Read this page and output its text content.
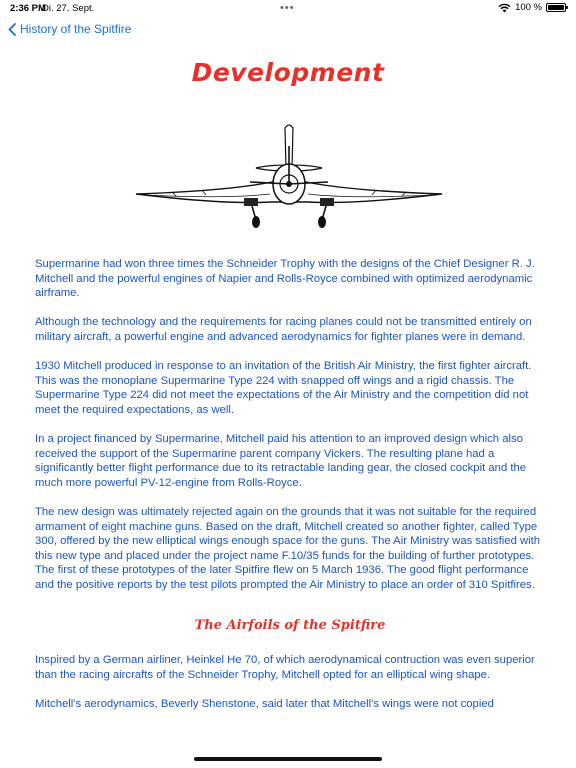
2:36 PM
Di. 27. Sept.	•••	100 %
History of the Spitfire
Development

Supermarine had won three times the Schneider Trophy with the designs of the Chief Designer R. J. Mitchell and the powerful engines of Napier and Rolls-Royce combined with optimized aerodynamic airframe.

Although the technology and the requirements for racing planes could not be transmitted entirely on military aircraft, a powerful engine and advanced aerodynamics for fighter planes were in demand.

1930 Mitchell produced in response to an invitation of the British Air Ministry, the first fighter aircraft. This was the monoplane Supermarine Type 224 with snapped off wings and a rigid chassis. The Supermarine Type 224 did not meet the expectations of the Air Ministry and the competition did not meet the required expectations, as well.

In a project financed by Supermarine, Mitchell paid his attention to an improved design which also received the support of the Supermarine parent company Vickers. The resulting plane had a significantly better flight performance due to its retractable landing gear, the closed cockpit and the much more powerful PV-12-engine from Rolls-Royce.

The new design was ultimately rejected again on the grounds that it was not suitable for the required armament of eight machine guns. Based on the draft, Mitchell created so another fighter, called Type 300, offered by the new elliptical wings enough space for the guns. The Air Ministry was satisfied with this new type and placed under the project name F.10/35 funds for the building of further prototypes. The first of these prototypes of the later Spitfire flew on 5 March 1936. The good flight performance and the positive reports by the test pilots prompted the Air Ministry to place an order of 310 Spitfires.

The Airfoils of the Spitfire

Inspired by a German airliner, Heinkel He 70, of which aerodynamical contruction was even superior than the racing aircrafts of the Schneider Trophy, Mitchell opted for an elliptical wing shape.

Mitchell's aerodynamics, Beverly Shenstone, said later that Mitchell's wings were not copied
